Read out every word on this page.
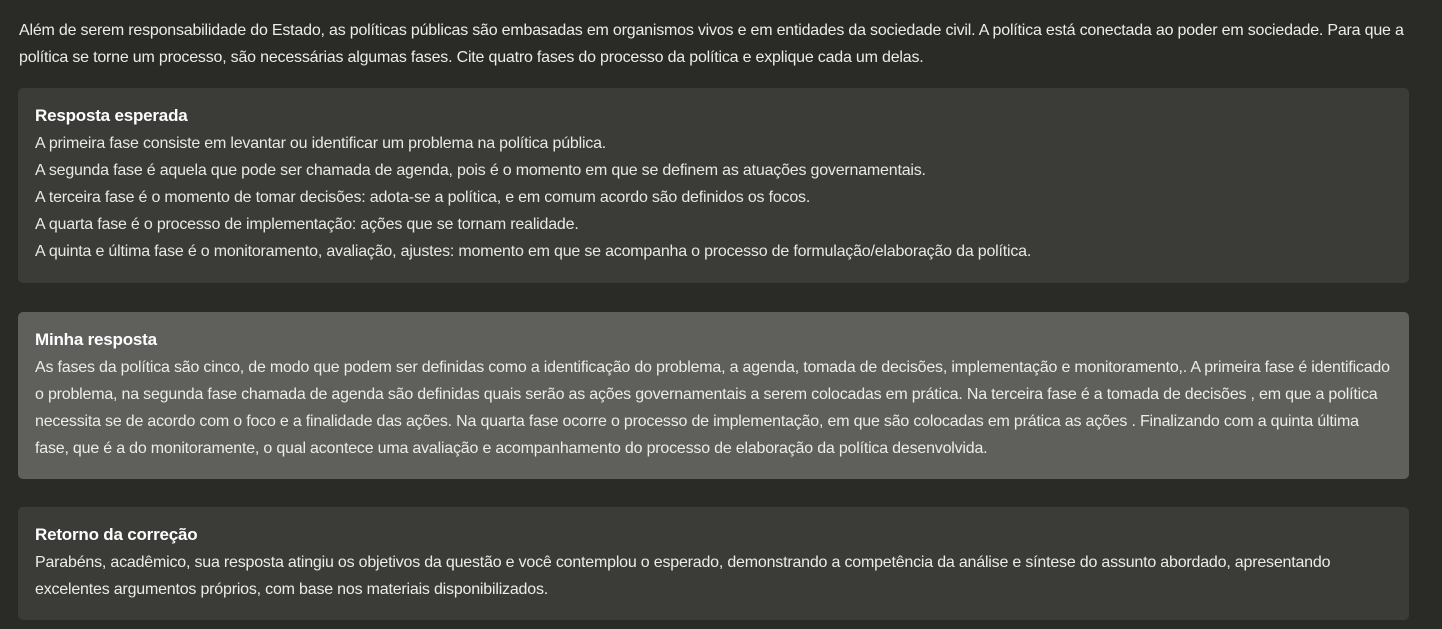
Além de serem responsabilidade do Estado, as políticas públicas são embasadas em organismos vivos e em entidades da sociedade civil. A política está conectada ao poder em sociedade. Para que a política se torne um processo, são necessárias algumas fases. Cite quatro fases do processo da política e explique cada um delas.
Resposta esperada
A primeira fase consiste em levantar ou identificar um problema na política pública.
A segunda fase é aquela que pode ser chamada de agenda, pois é o momento em que se definem as atuações governamentais.
A terceira fase é o momento de tomar decisões: adota-se a política, e em comum acordo são definidos os focos.
A quarta fase é o processo de implementação: ações que se tornam realidade.
A quinta e última fase é o monitoramento, avaliação, ajustes: momento em que se acompanha o processo de formulação/elaboração da política.
Minha resposta
As fases da política são cinco, de modo que podem ser definidas como a identificação do problema, a agenda, tomada de decisões, implementação e monitoramento,. A primeira fase é identificado o problema, na segunda fase chamada de agenda são definidas quais serão as ações governamentais a serem colocadas em prática. Na terceira fase é a tomada de decisões , em que a política necessita se de acordo com o foco e a finalidade das ações. Na quarta fase ocorre o processo de implementação, em que são colocadas em prática as ações . Finalizando com a quinta última fase, que é a do monitoramente, o qual acontece uma avaliação e acompanhamento do processo de elaboração da política desenvolvida.
Retorno da correção
Parabéns, acadêmico, sua resposta atingiu os objetivos da questão e você contemplou o esperado, demonstrando a competência da análise e síntese do assunto abordado, apresentando excelentes argumentos próprios, com base nos materiais disponibilizados.
